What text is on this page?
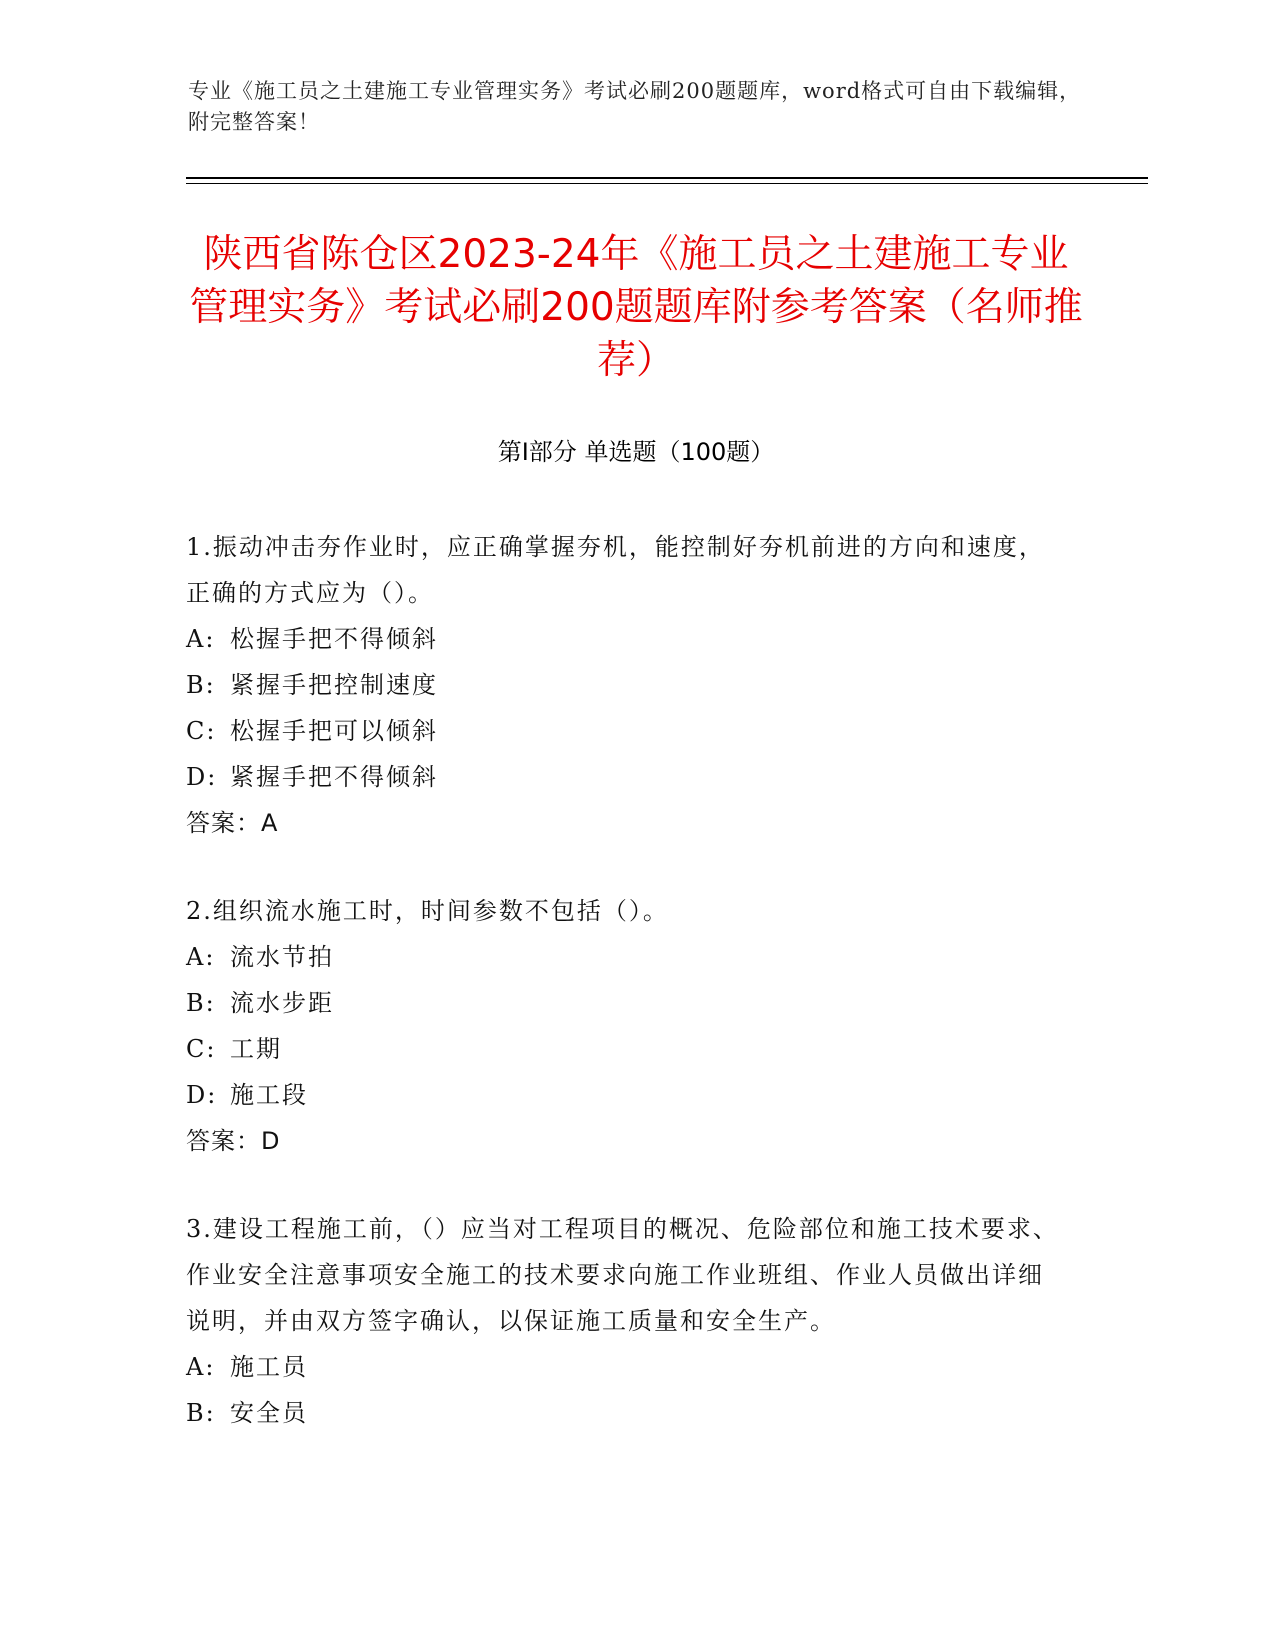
专业《施工员之土建施工专业管理实务》考试必刷200题题库，word格式可自由下载编辑，附完整答案！
陕西省陈仓区2023-24年《施工员之土建施工专业管理实务》考试必刷200题题库附参考答案（名师推荐）
第Ⅰ部分 单选题（100题）
1.振动冲击夯作业时，应正确掌握夯机，能控制好夯机前进的方向和速度，正确的方式应为（）。
A: 松握手把不得倾斜
B: 紧握手把控制速度
C: 松握手把可以倾斜
D: 紧握手把不得倾斜
答案：A
2.组织流水施工时，时间参数不包括（）。
A: 流水节拍
B: 流水步距
C: 工期
D: 施工段
答案：D
3.建设工程施工前，（）应当对工程项目的概况、危险部位和施工技术要求、作业安全注意事项安全施工的技术要求向施工作业班组、作业人员做出详细说明，并由双方签字确认，以保证施工质量和安全生产。
A: 施工员
B: 安全员
